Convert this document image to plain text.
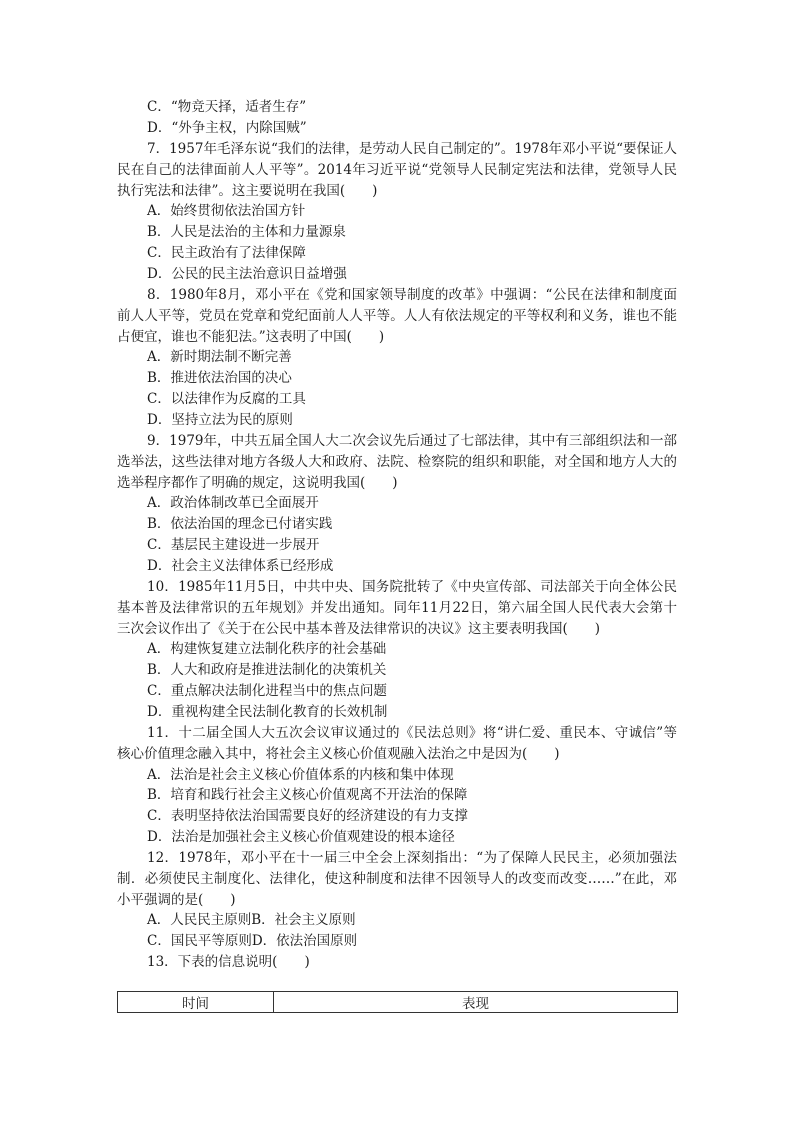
C．“物竞天择，适者生存”
D．“外争主权，内除国贼”
7．1957年毛泽东说“我们的法律，是劳动人民自己制定的”。1978年邓小平说“要保证人民在自己的法律面前人人平等”。2014年习近平说“党领导人民制定宪法和法律，党领导人民执行宪法和法律”。这主要说明在我国(　　)
A．始终贯彻依法治国方针
B．人民是法治的主体和力量源泉
C．民主政治有了法律保障
D．公民的民主法治意识日益增强
8．1980年8月，邓小平在《党和国家领导制度的改革》中强调：“公民在法律和制度面前人人平等，党员在党章和党纪面前人人平等。人人有依法规定的平等权利和义务，谁也不能占便宜，谁也不能犯法。”这表明了中国(　　)
A．新时期法制不断完善
B．推进依法治国的决心
C．以法律作为反腐的工具
D．坚持立法为民的原则
9．1979年，中共五届全国人大二次会议先后通过了七部法律，其中有三部组织法和一部选举法，这些法律对地方各级人大和政府、法院、检察院的组织和职能，对全国和地方人大的选举程序都作了明确的规定，这说明我国(　　)
A．政治体制改革已全面展开
B．依法治国的理念已付诸实践
C．基层民主建设进一步展开
D．社会主义法律体系已经形成
10．1985年11月5日，中共中央、国务院批转了《中央宣传部、司法部关于向全体公民基本普及法律常识的五年规划》并发出通知。同年11月22日，第六届全国人民代表大会第十三次会议作出了《关于在公民中基本普及法律常识的决议》这主要表明我国(　　)
A．构建恢复建立法制化秩序的社会基础
B．人大和政府是推进法制化的决策机关
C．重点解决法制化进程当中的焦点问题
D．重视构建全民法制化教育的长效机制
11．十二届全国人大五次会议审议通过的《民法总则》将“讲仁爱、重民本、守诚信”等核心价值理念融入其中，将社会主义核心价值观融入法治之中是因为(　　)
A．法治是社会主义核心价值体系的内核和集中体现
B．培育和践行社会主义核心价值观离不开法治的保障
C．表明坚持依法治国需要良好的经济建设的有力支撑
D．法治是加强社会主义核心价值观建设的根本途径
12．1978年，邓小平在十一届三中全会上深刻指出：“为了保障人民民主，必须加强法制．必须使民主制度化、法律化，使这种制度和法律不因领导人的改变而改变……”在此，邓小平强调的是(　　)
A．人民民主原则B．社会主义原则
C．国民平等原则D．依法治国原则
13．下表的信息说明(　　)
时间	表现
